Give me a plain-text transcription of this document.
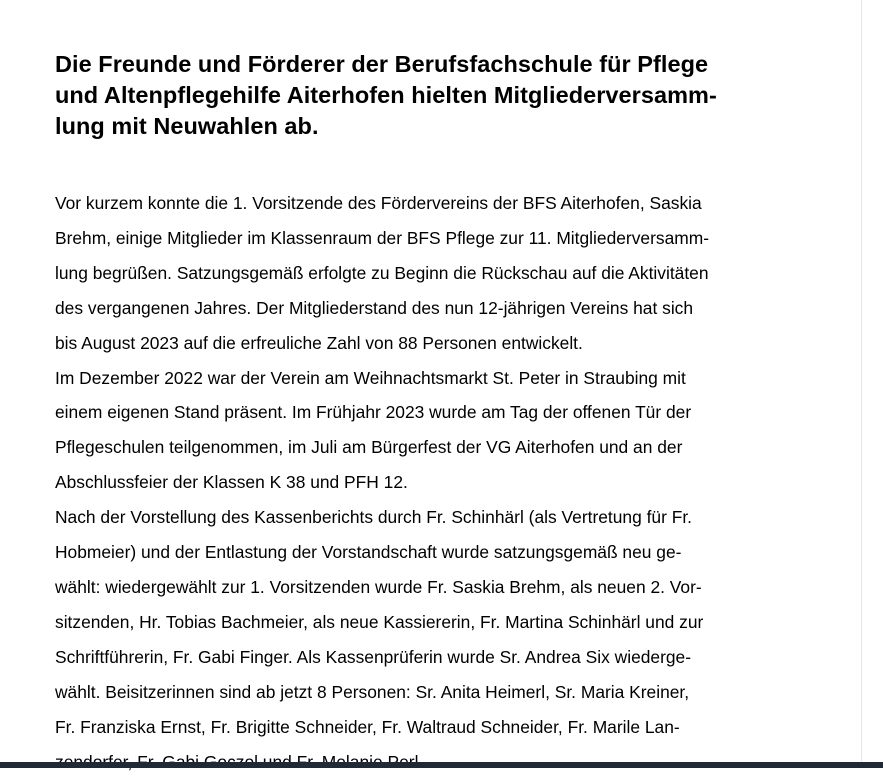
Die Freunde und Förderer der Berufsfachschule für Pflege
und Altenpflegehilfe Aiterhofen hielten Mitgliederversamm-
lung mit Neuwahlen ab.
Vor kurzem konnte die 1. Vorsitzende des Fördervereins der BFS Aiterhofen, Saskia
Brehm, einige Mitglieder im Klassenraum der BFS Pflege zur 11. Mitgliederversamm-
lung begrüßen. Satzungsgemäß erfolgte zu Beginn die Rückschau auf die Aktivitäten
des vergangenen Jahres. Der Mitgliederstand des nun 12-jährigen Vereins hat sich
bis August 2023 auf die erfreuliche Zahl von 88 Personen entwickelt.
Im Dezember 2022 war der Verein am Weihnachtsmarkt St. Peter in Straubing mit
einem eigenen Stand präsent. Im Frühjahr 2023 wurde am Tag der offenen Tür der
Pflegeschulen teilgenommen, im Juli am Bürgerfest der VG Aiterhofen und an der
Abschlussfeier der Klassen K 38 und PFH 12.
Nach der Vorstellung des Kassenberichts durch Fr. Schinhärl (als Vertretung für Fr.
Hobmeier) und der Entlastung der Vorstandschaft wurde satzungsgemäß neu ge-
wählt: wiedergewählt zur 1. Vorsitzenden wurde Fr. Saskia Brehm, als neuen 2. Vor-
sitzenden, Hr. Tobias Bachmeier, als neue Kassiererin, Fr. Martina Schinhärl und zur
Schriftführerin, Fr. Gabi Finger. Als Kassenprüferin wurde Sr. Andrea Six wiederge-
wählt. Beisitzerinnen sind ab jetzt 8 Personen: Sr. Anita Heimerl, Sr. Maria Kreiner,
Fr. Franziska Ernst, Fr. Brigitte Schneider, Fr. Waltraud Schneider, Fr. Marile Lan-
